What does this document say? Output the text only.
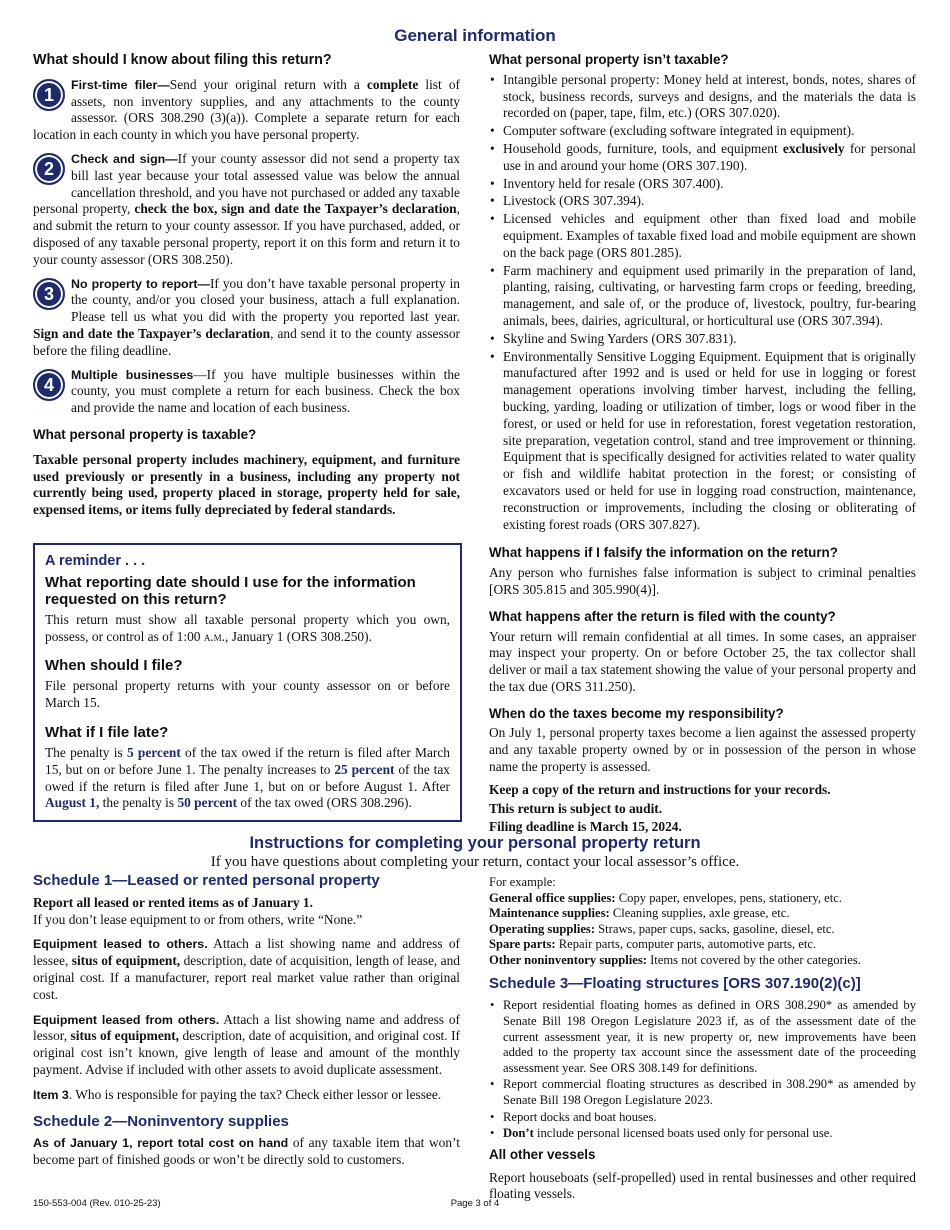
General information
What should I know about filing this return?
1	First-time filer—Send your original return with a complete list of assets, non inventory supplies, and any attachments to the county assessor. (ORS 308.290 (3)(a)). Complete a separate return for each location in each county in which you have personal property.
2	Check and sign—If your county assessor did not send a property tax bill last year because your total assessed value was below the annual cancellation threshold, and you have not purchased or added any taxable personal property, check the box, sign and date the Taxpayer’s declaration, and submit the return to your county assessor. If you have purchased, added, or disposed of any taxable personal property, report it on this form and return it to your county assessor (ORS 308.250).
3	No property to report—If you don’t have taxable personal property in the county, and/or you closed your business, attach a full explanation. Please tell us what you did with the property you reported last year. Sign and date the Taxpayer’s declaration, and send it to the county assessor before the filing deadline.
4	Multiple businesses—If you have multiple businesses within the county, you must complete a return for each business. Check the box and provide the name and location of each business.
What personal property is taxable?

Taxable personal property includes machinery, equipment, and furniture used previously or presently in a business, including any property not currently being used, property placed in storage, property held for sale, expensed items, or items fully depreciated by federal standards.

A reminder . . .
What reporting date should I use for the information requested on this return?

This return must show all taxable personal property which you own, possess, or control as of 1:00 a.m., January 1 (ORS 308.250).

When should I file?

File personal property returns with your county assessor on or before March 15.

What if I file late?

The penalty is 5 percent of the tax owed if the return is filed after March 15, but on or before June 1. The penalty increases to 25 percent of the tax owed if the return is filed after June 1, but on or before August 1. After August 1, the penalty is 50 percent of the tax owed (ORS 308.296).

What personal property isn’t taxable?
• Intangible personal property: Money held at interest, bonds, notes, shares of stock, business records, surveys and designs, and the materials the data is recorded on (paper, tape, film, etc.) (ORS 307.020).
• Computer software (excluding software integrated in equipment).
• Household goods, furniture, tools, and equipment exclusively for personal use in and around your home (ORS 307.190).
• Inventory held for resale (ORS 307.400).
• Livestock (ORS 307.394).
• Licensed vehicles and equipment other than fixed load and mobile equipment. Examples of taxable fixed load and mobile equipment are shown on the back page (ORS 801.285).
• Farm machinery and equipment used primarily in the preparation of land, planting, raising, cultivating, or harvesting farm crops or feeding, breeding, management, and sale of, or the produce of, livestock, poultry, fur-bearing animals, bees, dairies, agricultural, or horticultural use (ORS 307.394).
• Skyline and Swing Yarders (ORS 307.831).
• Environmentally Sensitive Logging Equipment. Equipment that is originally manufactured after 1992 and is used or held for use in logging or forest management operations involving timber harvest, including the felling, bucking, yarding, loading or utilization of timber, logs or wood fiber in the forest, or used or held for use in reforestation, forest vegetation restoration, site preparation, vegetation control, stand and tree improvement or thinning. Equipment that is specifically designed for activities related to water quality or fish and wildlife habitat protection in the forest; or consisting of excavators used or held for use in logging road construction, maintenance, reconstruction or improvements, including the closing or obliterating of existing forest roads (ORS 307.827).
What happens if I falsify the information on the return?

Any person who furnishes false information is subject to criminal penalties [ORS 305.815 and 305.990(4)].

What happens after the return is filed with the county?

Your return will remain confidential at all times. In some cases, an appraiser may inspect your property. On or before October 25, the tax collector shall deliver or mail a tax statement showing the value of your personal property and the tax due (ORS 311.250).

When do the taxes become my responsibility?

On July 1, personal property taxes become a lien against the assessed property and any taxable property owned by or in possession of the person in whose name the property is assessed.

Keep a copy of the return and instructions for your records.
This return is subject to audit.
Filing deadline is March 15, 2024.
Instructions for completing your personal property return
If you have questions about completing your return, contact your local assessor’s office.
Schedule 1—Leased or rented personal property
Report all leased or rented items as of January 1.
If you don’t lease equipment to or from others, write “None.”

Equipment leased to others. Attach a list showing name and address of lessee, situs of equipment, description, date of acquisition, length of lease, and original cost. If a manufacturer, report real market value rather than original cost.

Equipment leased from others. Attach a list showing name and address of lessor, situs of equipment, description, date of acquisition, and original cost. If original cost isn’t known, give length of lease and amount of the monthly payment. Advise if included with other assets to avoid duplicate assessment.

Item 3. Who is responsible for paying the tax? Check either lessor or lessee.

Schedule 2—Noninventory supplies

As of January 1, report total cost on hand of any taxable item that won’t become part of finished goods or won’t be directly sold to customers.

For example:
General office supplies: Copy paper, envelopes, pens, stationery, etc.
Maintenance supplies: Cleaning supplies, axle grease, etc.
Operating supplies: Straws, paper cups, sacks, gasoline, diesel, etc.
Spare parts: Repair parts, computer parts, automotive parts, etc.
Other noninventory supplies: Items not covered by the other categories.
Schedule 3—Floating structures [ORS 307.190(2)(c)]
• Report residential floating homes as defined in ORS 308.290* as amended by Senate Bill 198 Oregon Legislature 2023 if, as of the assessment date of the current assessment year, it is new property or, new improvements have been added to the property tax account since the assessment date of the proceeding assessment year. See ORS 308.149 for definitions.
• Report commercial floating structures as described in 308.290* as amended by Senate Bill 198 Oregon Legislature 2023.
• Report docks and boat houses.
• Don’t include personal licensed boats used only for personal use.
All other vessels

Report houseboats (self-propelled) used in rental businesses and other required floating vessels.

150-553-004 (Rev. 010-25-23)	Page 3 of 4
